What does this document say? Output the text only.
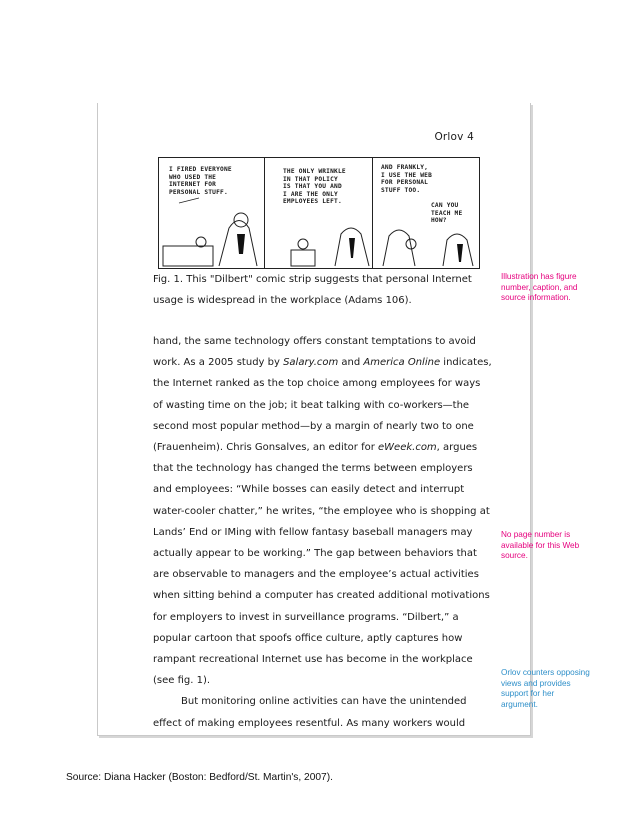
Orlov 4
I FIRED EVERYONE
WHO USED THE
INTERNET FOR
PERSONAL STUFF.
THE ONLY WRINKLE
IN THAT POLICY
IS THAT YOU AND
I ARE THE ONLY
EMPLOYEES LEFT.
AND FRANKLY,
I USE THE WEB
FOR PERSONAL
STUFF TOO.
CAN YOU
TEACH ME
HOW?
Fig. 1. This "Dilbert" comic strip suggests that personal Internet
usage is widespread in the workplace (Adams 106).

hand, the same technology offers constant temptations to avoid work. As a 2005 study by Salary.com and America Online indicates, the Internet ranked as the top choice among employees for ways of wasting time on the job; it beat talking with co-workers—the second most popular method—by a margin of nearly two to one (Frauenheim). Chris Gonsalves, an editor for eWeek.com, argues that the technology has changed the terms between employers and employees: “While bosses can easily detect and interrupt water-cooler chatter,” he writes, “the employee who is shopping at Lands’ End or IMing with fellow fantasy baseball managers may actually appear to be working.” The gap between behaviors that are observable to managers and the employee’s actual activities when sitting behind a computer has created additional motivations for employers to invest in surveillance programs. “Dilbert,” a popular cartoon that spoofs office culture, aptly captures how rampant recreational Internet use has become in the workplace (see fig. 1).

But monitoring online activities can have the unintended effect of making employees resentful. As many workers would

Illustration has figure number, caption, and source information.
No page number is available for this Web source.
Orlov counters opposing views and provides support for her argument.
Source: Diana Hacker (Boston: Bedford/St. Martin's, 2007).
